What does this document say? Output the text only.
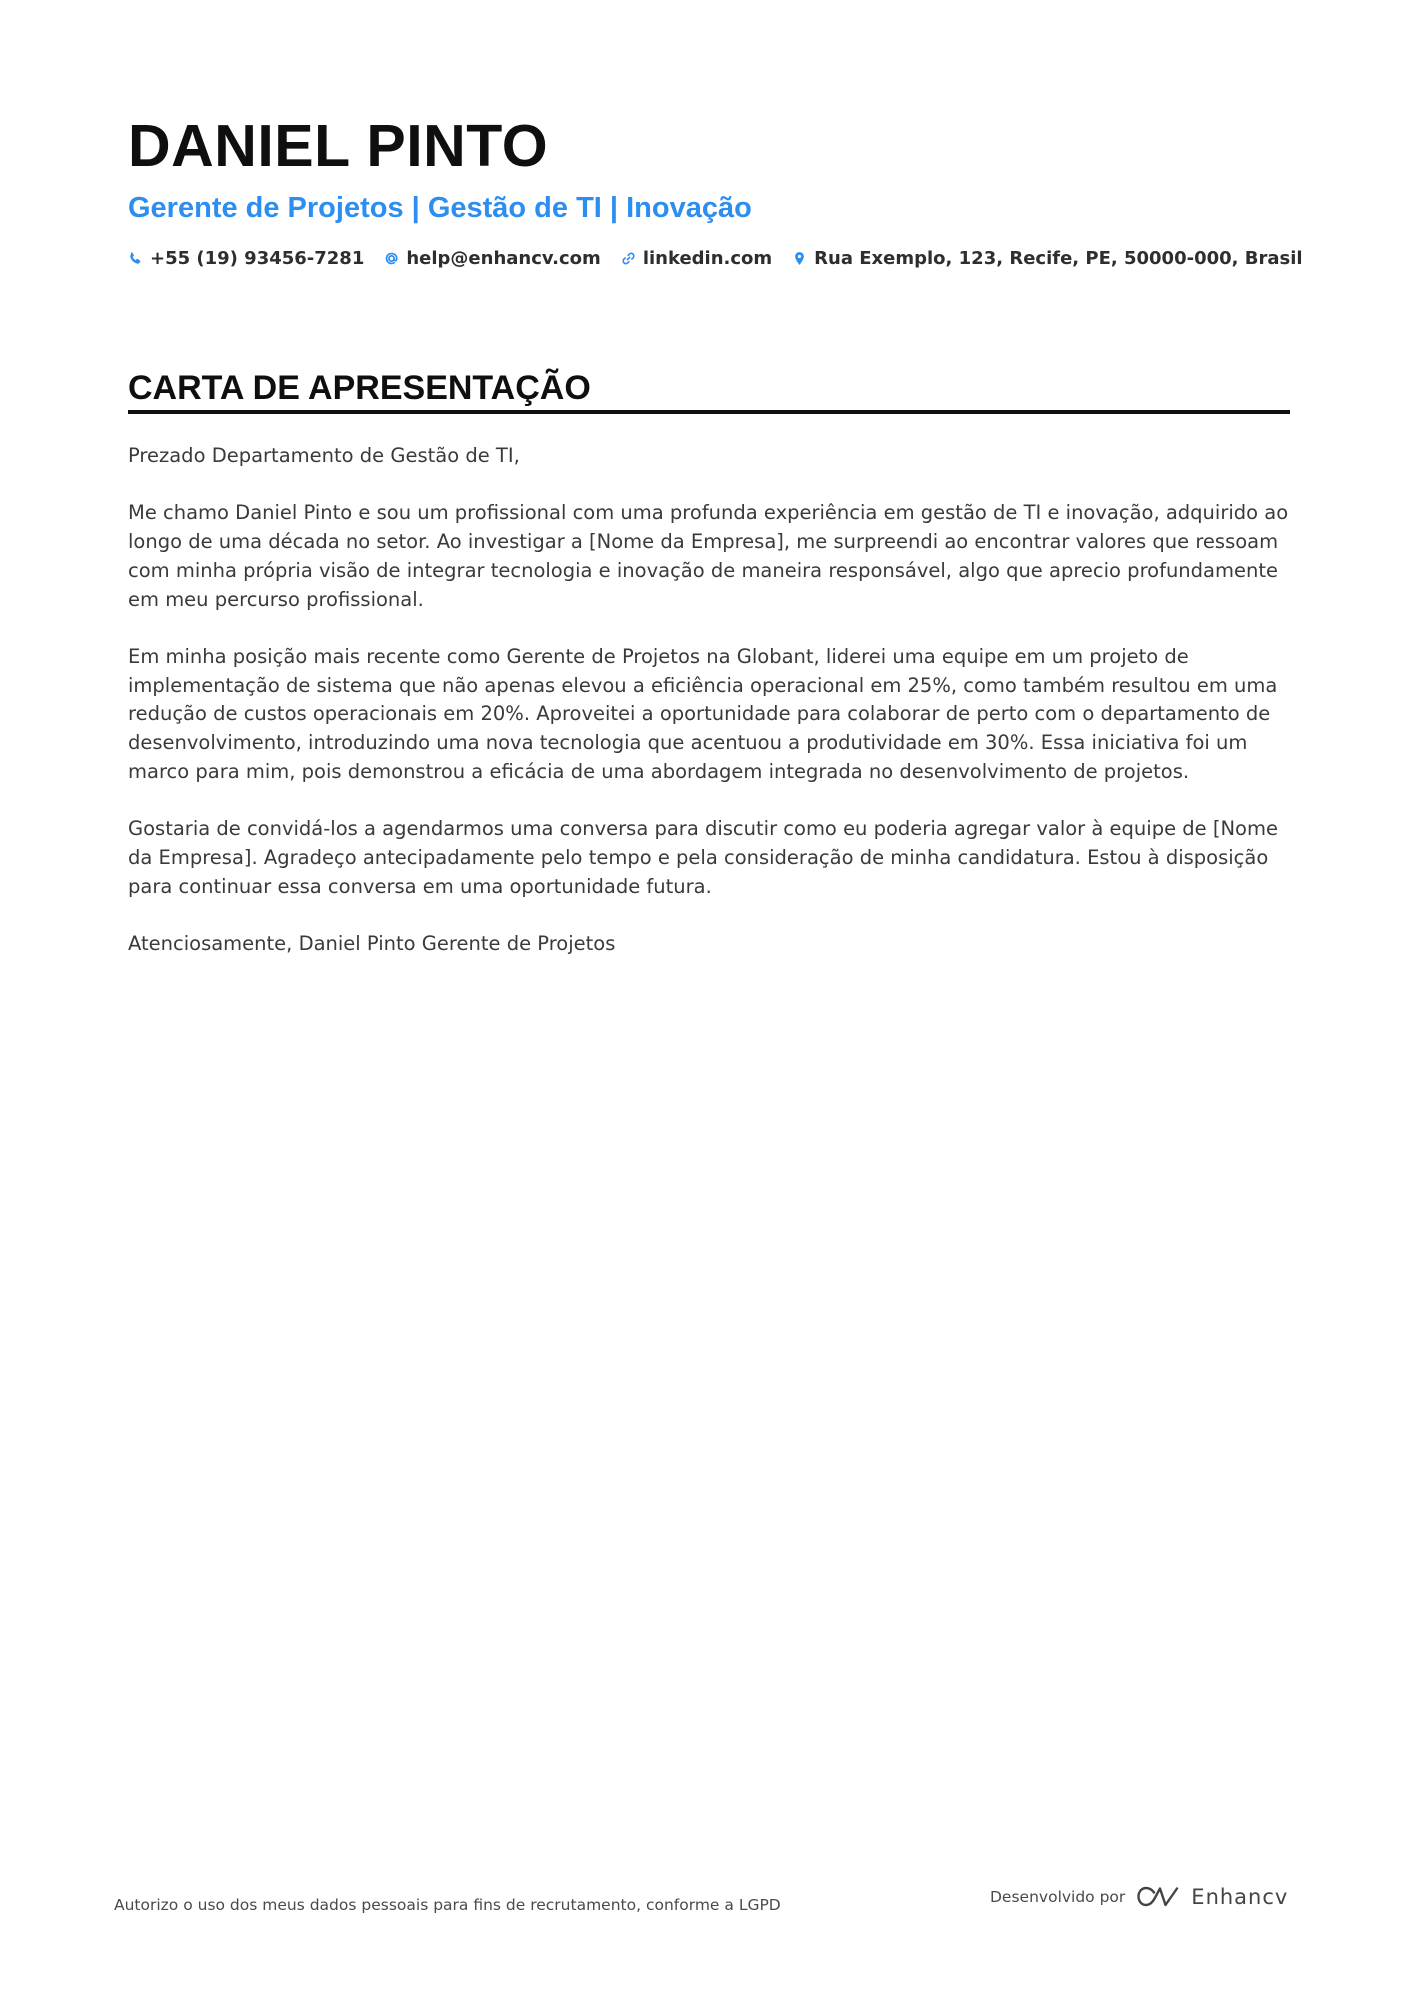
DANIEL PINTO
Gerente de Projetos | Gestão de TI | Inovação
+55 (19) 93456-7281 help@enhancv.com linkedin.com Rua Exemplo, 123, Recife, PE, 50000-000, Brasil
CARTA DE APRESENTAÇÃO

Prezado Departamento de Gestão de TI,

Me chamo Daniel Pinto e sou um profissional com uma profunda experiência em gestão de TI e inovação, adquirido ao longo de uma década no setor. Ao investigar a [Nome da Empresa], me surpreendi ao encontrar valores que ressoam com minha própria visão de integrar tecnologia e inovação de maneira responsável, algo que aprecio profundamente em meu percurso profissional.

Em minha posição mais recente como Gerente de Projetos na Globant, liderei uma equipe em um projeto de implementação de sistema que não apenas elevou a eficiência operacional em 25%, como também resultou em uma redução de custos operacionais em 20%. Aproveitei a oportunidade para colaborar de perto com o departamento de desenvolvimento, introduzindo uma nova tecnologia que acentuou a produtividade em 30%. Essa iniciativa foi um marco para mim, pois demonstrou a eficácia de uma abordagem integrada no desenvolvimento de projetos.

Gostaria de convidá-los a agendarmos uma conversa para discutir como eu poderia agregar valor à equipe de [Nome da Empresa]. Agradeço antecipadamente pelo tempo e pela consideração de minha candidatura. Estou à disposição para continuar essa conversa em uma oportunidade futura.

Atenciosamente, Daniel Pinto Gerente de Projetos

Autorizo o uso dos meus dados pessoais para fins de recrutamento, conforme a LGPD	Desenvolvido por	Enhancv
